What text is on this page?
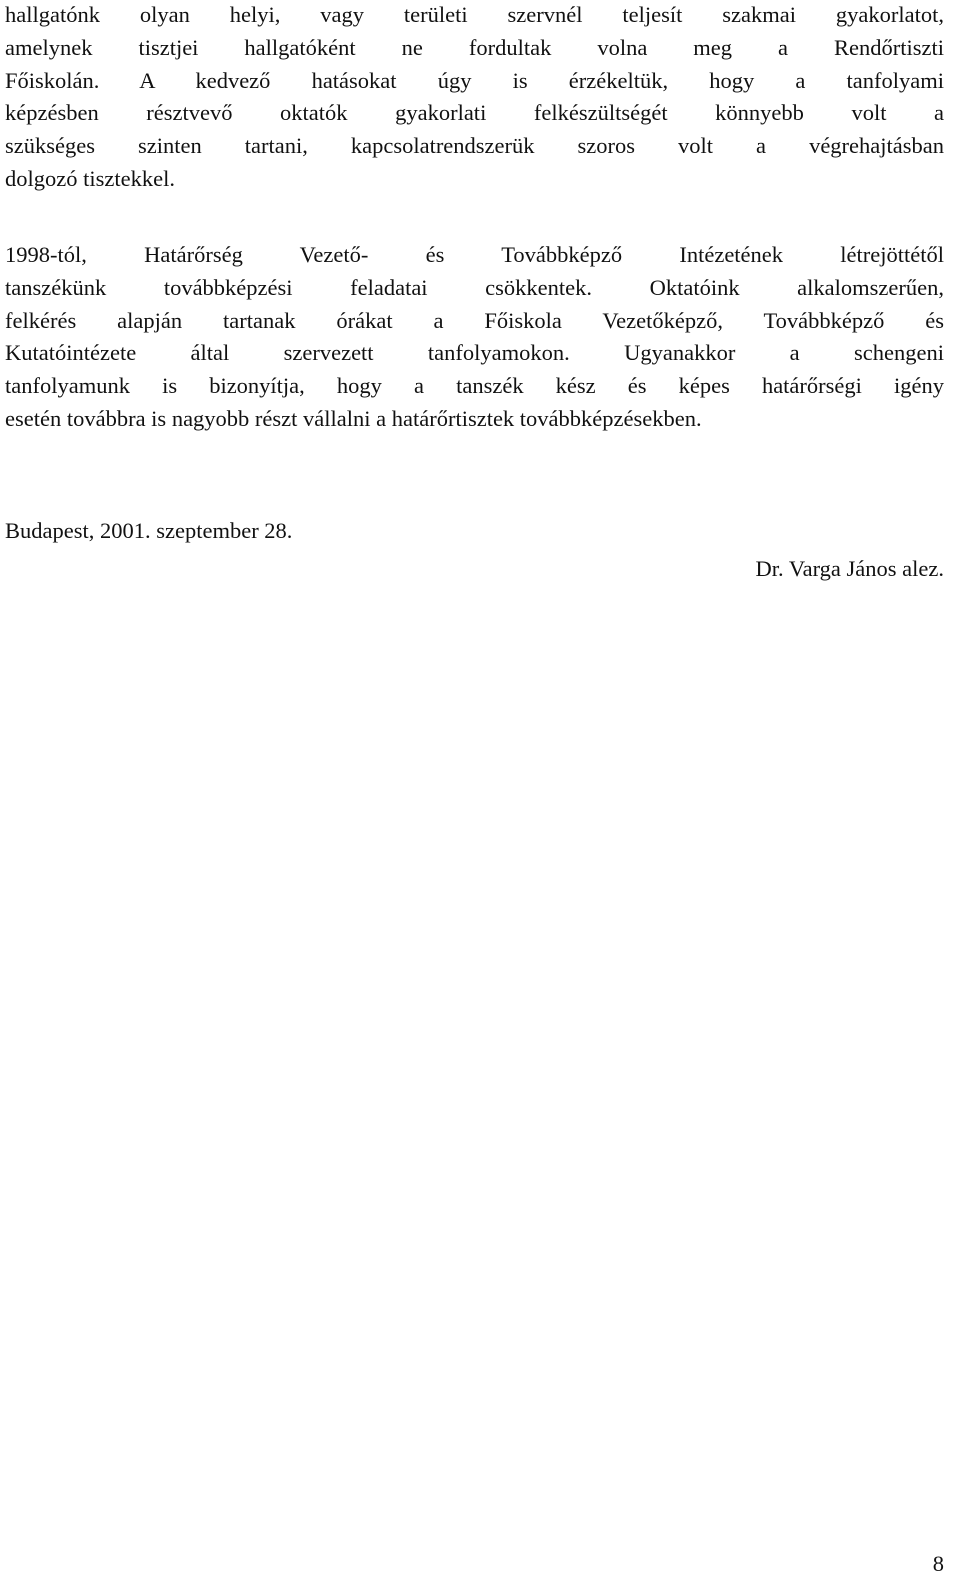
hallgatónk olyan helyi, vagy területi szervnél teljesít szakmai gyakorlatot,
amelynek tisztjei hallgatóként ne fordultak volna meg a Rendőrtiszti
Főiskolán. A kedvező hatásokat úgy is érzékeltük, hogy a tanfolyami
képzésben résztvevő oktatók gyakorlati felkészültségét könnyebb volt a
szükséges szinten tartani, kapcsolatrendszerük szoros volt a végrehajtásban
dolgozó tisztekkel.

1998-tól, Határőrség Vezető- és Továbbképző Intézetének létrejöttétől
tanszékünk továbbképzési feladatai csökkentek. Oktatóink alkalomszerűen,
felkérés alapján tartanak órákat a Főiskola Vezetőképző, Továbbképző és
Kutatóintézete által szervezett tanfolyamokon. Ugyanakkor a schengeni
tanfolyamunk is bizonyítja, hogy a tanszék kész és képes határőrségi igény
esetén továbbra is nagyobb részt vállalni a határőrtisztek továbbképzésekben.

Budapest, 2001. szeptember 28.
Dr. Varga János alez.
8
